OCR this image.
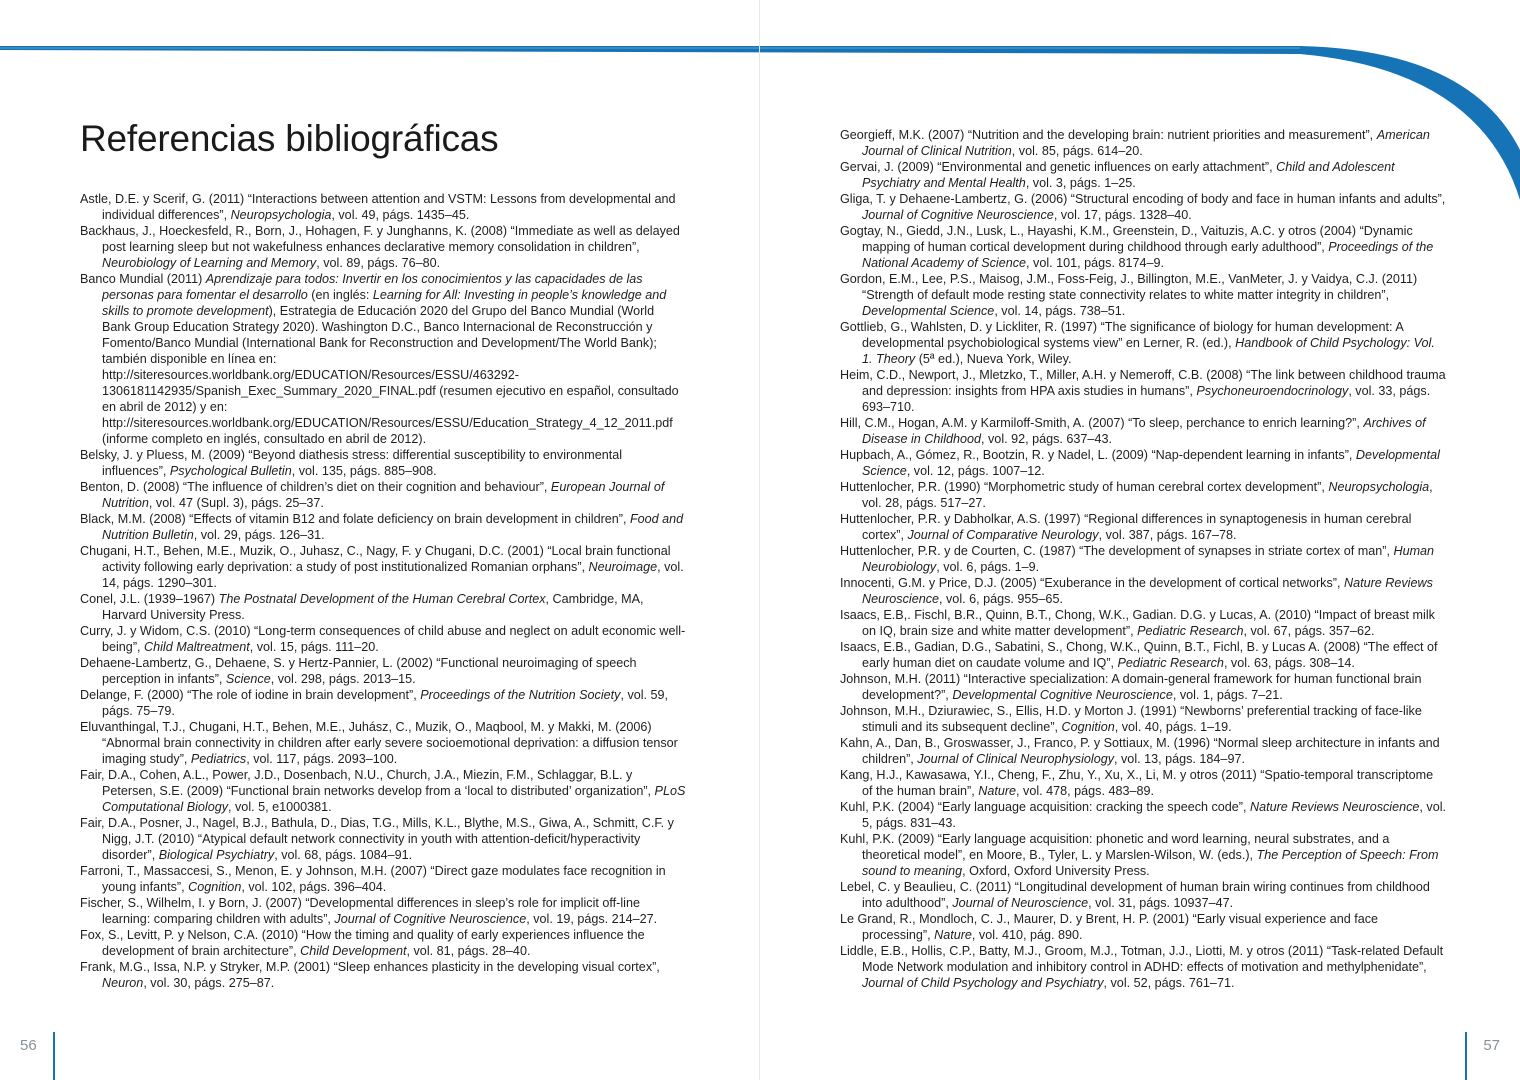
Referencias bibliográficas
Astle, D.E. y Scerif, G. (2011) “Interactions between attention and VSTM: Lessons from developmental and individual differences”, Neuropsychologia, vol. 49, págs. 1435–45.
Backhaus, J., Hoeckesfeld, R., Born, J., Hohagen, F. y Junghanns, K. (2008) “Immediate as well as delayed post learning sleep but not wakefulness enhances declarative memory consolidation in children”, Neurobiology of Learning and Memory, vol. 89, págs. 76–80.
Banco Mundial (2011) Aprendizaje para todos: Invertir en los conocimientos y las capacidades de las personas para fomentar el desarrollo (en inglés: Learning for All: Investing in people’s knowledge and skills to promote development), Estrategia de Educación 2020 del Grupo del Banco Mundial (World Bank Group Education Strategy 2020). Washington D.C., Banco Internacional de Reconstrucción y Fomento/Banco Mundial (International Bank for Reconstruction and Development/The World Bank); también disponible en línea en: http://siteresources.worldbank.org/EDUCATION/Resources/ESSU/463292-1306181142935/Spanish_Exec_Summary_2020_FINAL.pdf (resumen ejecutivo en español, consultado en abril de 2012) y en: http://siteresources.worldbank.org/EDUCATION/Resources/ESSU/Education_Strategy_4_12_2011.pdf (informe completo en inglés, consultado en abril de 2012).
Belsky, J. y Pluess, M. (2009) “Beyond diathesis stress: differential susceptibility to environmental influences”, Psychological Bulletin, vol. 135, págs. 885–908.
Benton, D. (2008) “The influence of children’s diet on their cognition and behaviour”, European Journal of Nutrition, vol. 47 (Supl. 3), págs. 25–37.
Black, M.M. (2008) “Effects of vitamin B12 and folate deficiency on brain development in children”, Food and Nutrition Bulletin, vol. 29, págs. 126–31.
Chugani, H.T., Behen, M.E., Muzik, O., Juhasz, C., Nagy, F. y Chugani, D.C. (2001) “Local brain functional activity following early deprivation: a study of post institutionalized Romanian orphans”, Neuroimage, vol. 14, págs. 1290–301.
Conel, J.L. (1939–1967) The Postnatal Development of the Human Cerebral Cortex, Cambridge, MA, Harvard University Press.
Curry, J. y Widom, C.S. (2010) “Long-term consequences of child abuse and neglect on adult economic well-being”, Child Maltreatment, vol. 15, págs. 111–20.
Dehaene-Lambertz, G., Dehaene, S. y Hertz-Pannier, L. (2002) “Functional neuroimaging of speech perception in infants”, Science, vol. 298, págs. 2013–15.
Delange, F. (2000) “The role of iodine in brain development”, Proceedings of the Nutrition Society, vol. 59, págs. 75–79.
Eluvanthingal, T.J., Chugani, H.T., Behen, M.E., Juhász, C., Muzik, O., Maqbool, M. y Makki, M. (2006) “Abnormal brain connectivity in children after early severe socioemotional deprivation: a diffusion tensor imaging study”, Pediatrics, vol. 117, págs. 2093–100.
Fair, D.A., Cohen, A.L., Power, J.D., Dosenbach, N.U., Church, J.A., Miezin, F.M., Schlaggar, B.L. y Petersen, S.E. (2009) “Functional brain networks develop from a ‘local to distributed’ organization”, PLoS Computational Biology, vol. 5, e1000381.
Fair, D.A., Posner, J., Nagel, B.J., Bathula, D., Dias, T.G., Mills, K.L., Blythe, M.S., Giwa, A., Schmitt, C.F. y Nigg, J.T. (2010) “Atypical default network connectivity in youth with attention-deficit/hyperactivity disorder”, Biological Psychiatry, vol. 68, págs. 1084–91.
Farroni, T., Massaccesi, S., Menon, E. y Johnson, M.H. (2007) “Direct gaze modulates face recognition in young infants”, Cognition, vol. 102, págs. 396–404.
Fischer, S., Wilhelm, I. y Born, J. (2007) “Developmental differences in sleep’s role for implicit off-line learning: comparing children with adults”, Journal of Cognitive Neuroscience, vol. 19, págs. 214–27.
Fox, S., Levitt, P. y Nelson, C.A. (2010) “How the timing and quality of early experiences influence the development of brain architecture”, Child Development, vol. 81, págs. 28–40.
Frank, M.G., Issa, N.P. y Stryker, M.P. (2001) “Sleep enhances plasticity in the developing visual cortex”, Neuron, vol. 30, págs. 275–87.
56
Georgieff, M.K. (2007) “Nutrition and the developing brain: nutrient priorities and measurement”, American Journal of Clinical Nutrition, vol. 85, págs. 614–20.
Gervai, J. (2009) “Environmental and genetic influences on early attachment”, Child and Adolescent Psychiatry and Mental Health, vol. 3, págs. 1–25.
Gliga, T. y Dehaene-Lambertz, G. (2006) “Structural encoding of body and face in human infants and adults”, Journal of Cognitive Neuroscience, vol. 17, págs. 1328–40.
Gogtay, N., Giedd, J.N., Lusk, L., Hayashi, K.M., Greenstein, D., Vaituzis, A.C. y otros (2004) “Dynamic mapping of human cortical development during childhood through early adulthood”, Proceedings of the National Academy of Science, vol. 101, págs. 8174–9.
Gordon, E.M., Lee, P.S., Maisog, J.M., Foss-Feig, J., Billington, M.E., VanMeter, J. y Vaidya, C.J. (2011) “Strength of default mode resting state connectivity relates to white matter integrity in children”, Developmental Science, vol. 14, págs. 738–51.
Gottlieb, G., Wahlsten, D. y Lickliter, R. (1997) “The significance of biology for human development: A developmental psychobiological systems view” en Lerner, R. (ed.), Handbook of Child Psychology: Vol. 1. Theory (5ª ed.), Nueva York, Wiley.
Heim, C.D., Newport, J., Mletzko, T., Miller, A.H. y Nemeroff, C.B. (2008) “The link between childhood trauma and depression: insights from HPA axis studies in humans”, Psychoneuroendocrinology, vol. 33, págs. 693–710.
Hill, C.M., Hogan, A.M. y Karmiloff-Smith, A. (2007) “To sleep, perchance to enrich learning?”, Archives of Disease in Childhood, vol. 92, págs. 637–43.
Hupbach, A., Gómez, R., Bootzin, R. y Nadel, L. (2009) “Nap-dependent learning in infants”, Developmental Science, vol. 12, págs. 1007–12.
Huttenlocher, P.R. (1990) “Morphometric study of human cerebral cortex development”, Neuropsychologia, vol. 28, págs. 517–27.
Huttenlocher, P.R. y Dabholkar, A.S. (1997) “Regional differences in synaptogenesis in human cerebral cortex”, Journal of Comparative Neurology, vol. 387, págs. 167–78.
Huttenlocher, P.R. y de Courten, C. (1987) “The development of synapses in striate cortex of man”, Human Neurobiology, vol. 6, págs. 1–9.
Innocenti, G.M. y Price, D.J. (2005) “Exuberance in the development of cortical networks”, Nature Reviews Neuroscience, vol. 6, págs. 955–65.
Isaacs, E.B,. Fischl, B.R., Quinn, B.T., Chong, W.K., Gadian. D.G. y Lucas, A. (2010) “Impact of breast milk on IQ, brain size and white matter development”, Pediatric Research, vol. 67, págs. 357–62.
Isaacs, E.B., Gadian, D.G., Sabatini, S., Chong, W.K., Quinn, B.T., Fichl, B. y Lucas A. (2008) “The effect of early human diet on caudate volume and IQ”, Pediatric Research, vol. 63, págs. 308–14.
Johnson, M.H. (2011) “Interactive specialization: A domain-general framework for human functional brain development?”, Developmental Cognitive Neuroscience, vol. 1, págs. 7–21.
Johnson, M.H., Dziurawiec, S., Ellis, H.D. y Morton J. (1991) “Newborns’ preferential tracking of face-like stimuli and its subsequent decline”, Cognition, vol. 40, págs. 1–19.
Kahn, A., Dan, B., Groswasser, J., Franco, P. y Sottiaux, M. (1996) “Normal sleep architecture in infants and children”, Journal of Clinical Neurophysiology, vol. 13, págs. 184–97.
Kang, H.J., Kawasawa, Y.I., Cheng, F., Zhu, Y., Xu, X., Li, M. y otros (2011) “Spatio-temporal transcriptome of the human brain”, Nature, vol. 478, págs. 483–89.
Kuhl, P.K. (2004) “Early language acquisition: cracking the speech code”, Nature Reviews Neuroscience, vol. 5, págs. 831–43.
Kuhl, P.K. (2009) “Early language acquisition: phonetic and word learning, neural substrates, and a theoretical model”, en Moore, B., Tyler, L. y Marslen-Wilson, W. (eds.), The Perception of Speech: From sound to meaning, Oxford, Oxford University Press.
Lebel, C. y Beaulieu, C. (2011) “Longitudinal development of human brain wiring continues from childhood into adulthood”, Journal of Neuroscience, vol. 31, págs. 10937–47.
Le Grand, R., Mondloch, C. J., Maurer, D. y Brent, H. P. (2001) “Early visual experience and face processing”, Nature, vol. 410, pág. 890.
Liddle, E.B., Hollis, C.P., Batty, M.J., Groom, M.J., Totman, J.J., Liotti, M. y otros (2011) “Task-related Default Mode Network modulation and inhibitory control in ADHD: effects of motivation and methylphenidate”, Journal of Child Psychology and Psychiatry, vol. 52, págs. 761–71.
57
